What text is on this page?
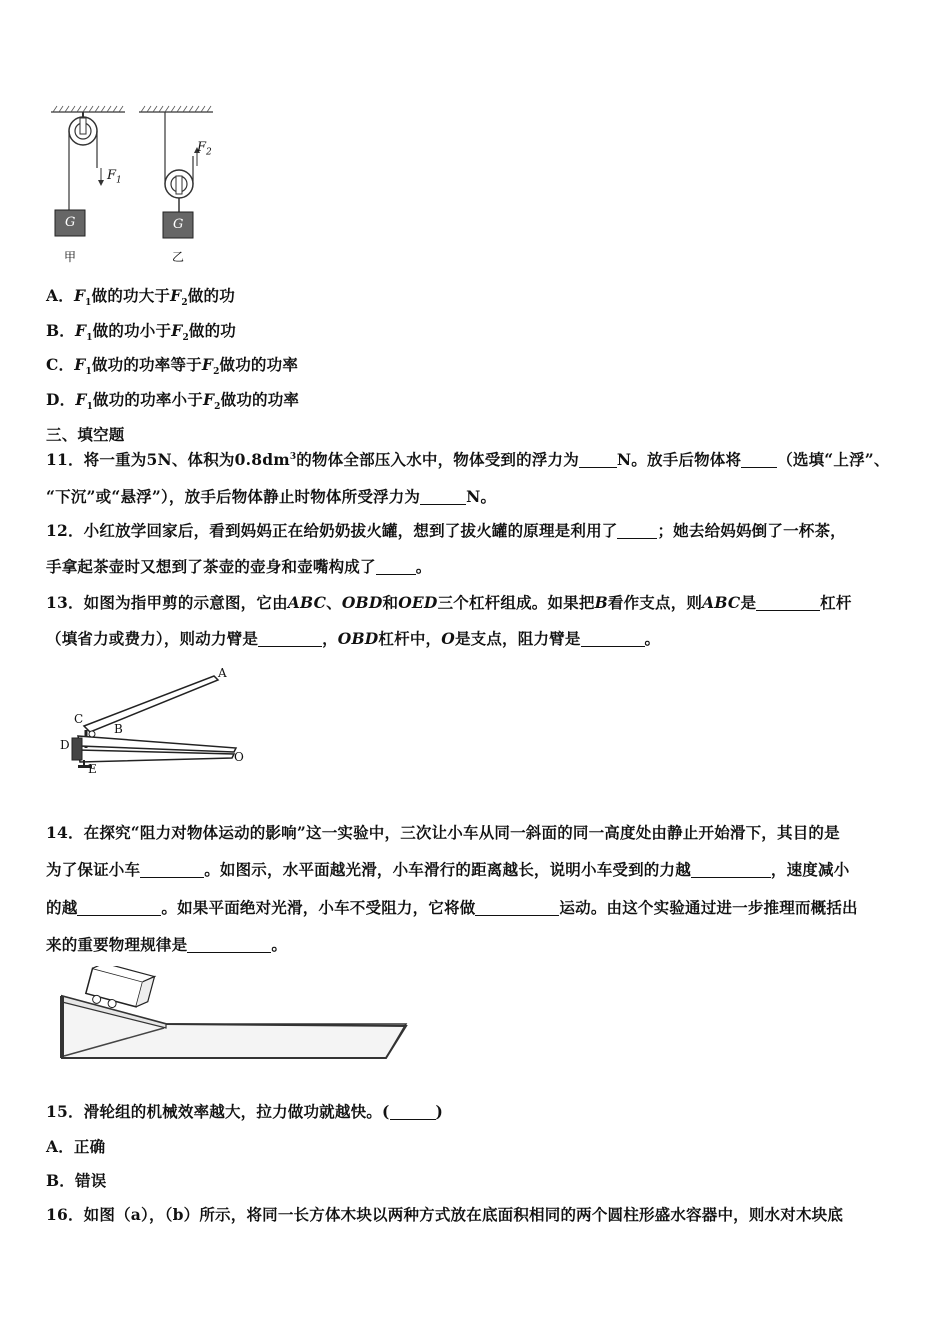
$F_1$
$F_2$
G	G
甲	乙
A．$F_1$做的功大于$F_2$做的功
B．$F_1$做的功小于$F_2$做的功
C．$F_1$做功的功率等于$F_2$做功的功率
D．$F_1$做功的功率小于$F_2$做功的功率
三、填空题
11．将一重为5N、体积为$0.8dm^3$的物体全部压入水中，物体受到的浮力为 N。放手后物体将 （选填“上浮”、
“下沉”或“悬浮”），放手后物体静止时物体所受浮力为	N。
12．小红放学回家后，看到妈妈正在给奶奶拔火罐，想到了拔火罐的原理是利用了	；她去给妈妈倒了一杯茶，
手拿起茶壶时又想到了茶壶的壶身和壶嘴构成了	。
13．如图为指甲剪的示意图，它由ABC、OBD和OED三个杠杆组成。如果把B看作支点，则ABC是	杠杆
（填省力或费力），则动力臂是	，OBD杠杆中，O是支点，阻力臂是	。
A
B
C
D
E
O
14．在探究“阻力对物体运动的影响”这一实验中，三次让小车从同一斜面的同一高度处由静止开始滑下，其目的是
为了保证小车	。如图示，水平面越光滑，小车滑行的距离越长，说明小车受到的力越	，速度减小
的越	。如果平面绝对光滑，小车不受阻力，它将做	运动。由这个实验通过进一步推理而概括出
来的重要物理规律是	。
15．滑轮组的机械效率越大，拉力做功就越快。(	)
A．正确
B．错误
16．如图（a），（b）所示，将同一长方体木块以两种方式放在底面积相同的两个圆柱形盛水容器中，则水对木块底
